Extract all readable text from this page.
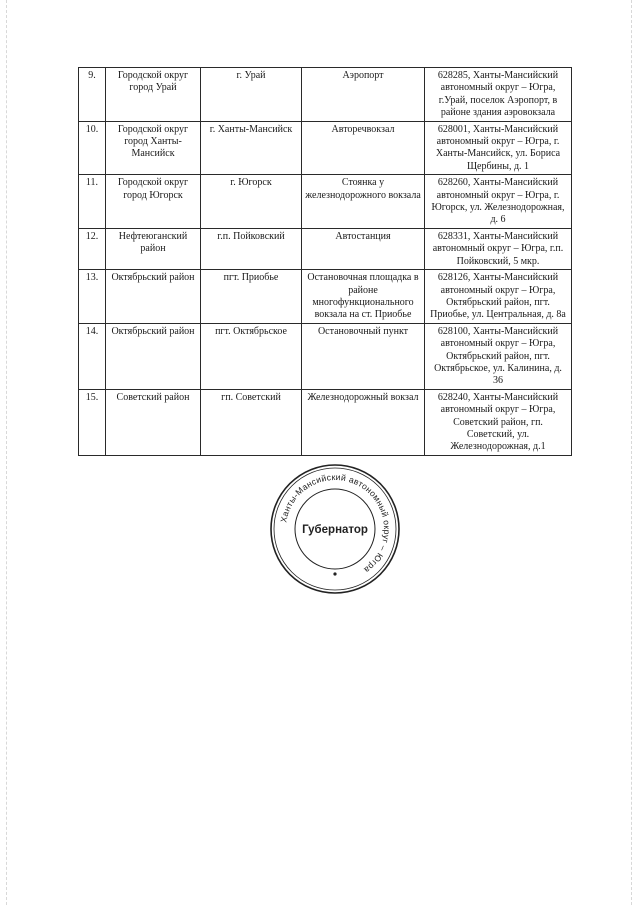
9.	Городской округ город Урай	г. Урай	Аэропорт	628285, Ханты-Мансийский автономный округ – Югра, г.Урай, поселок Аэропорт, в районе здания аэровокзала
10.	Городской округ город Ханты-Мансийск	г. Ханты-Мансийск	Автоpечвокзал	628001, Ханты-Мансийский автономный округ – Югра, г. Ханты-Мансийск, ул. Бориса Щербины, д. 1
11.	Городской округ город Югорск	г. Югорск	Стоянка у железнодорожного вокзала	628260, Ханты-Мансийский автономный округ – Югра, г. Югорск, ул. Железнодорожная, д. 6
12.	Нефтеюганский район	г.п. Пойковский	Автостанция	628331, Ханты-Мансийский автономный округ – Югра, г.п. Пойковский, 5 мкр.
13.	Октябрьский район	пгт. Приобье	Остановочная площадка в районе многофункционального вокзала на ст. Приобье	628126, Ханты-Мансийский автономный округ – Югра, Октябрьский район, пгт. Приобье, ул. Центральная, д. 8а
14.	Октябрьский район	пгт. Октябрьское	Остановочный пункт	628100, Ханты-Мансийский автономный округ – Югра, Октябрьский район, пгт. Октябрьское, ул. Калинина, д. 36
15.	Советский район	гп. Советский	Железнодорожный вокзал	628240, Ханты-Мансийский автономный округ – Югра, Советский район, гп. Советский, ул. Железнодорожная, д.1
Ханты-Мансийский автономный округ – Югра
Губернатор
